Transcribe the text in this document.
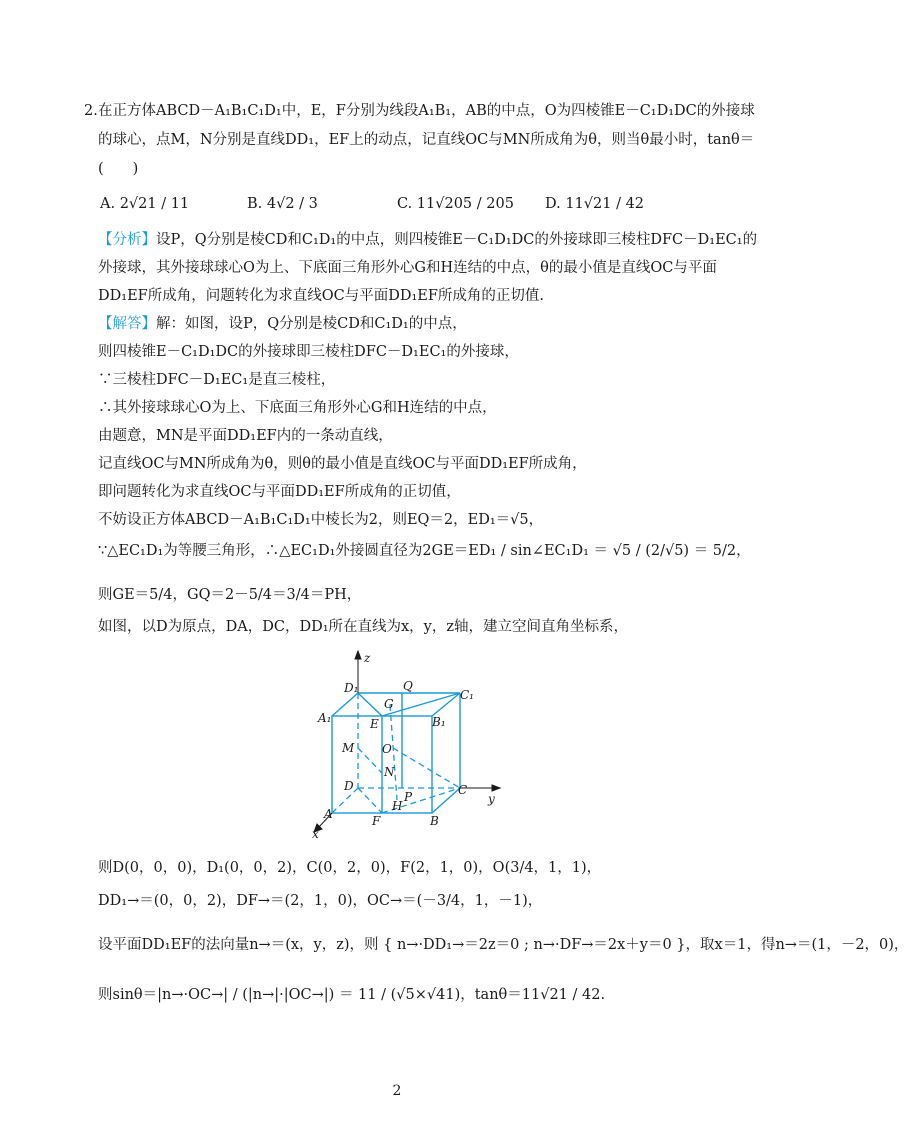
2. 在正方体ABCD－A₁B₁C₁D₁中，E，F分别为线段A₁B₁，AB的中点，O为四棱锥E－C₁D₁DC的外接球
的球心，点M，N分别是直线DD₁，EF上的动点，记直线OC与MN所成角为θ，则当θ最小时，tanθ＝
(　　)
A. 2√21 / 11	B. 4√2 / 3	C. 11√205 / 205 D. 11√21 / 42
【分析】设P，Q分别是棱CD和C₁D₁的中点，则四棱锥E－C₁D₁DC的外接球即三棱柱DFC－D₁EC₁的
外接球，其外接球球心O为上、下底面三角形外心G和H连结的中点，θ的最小值是直线OC与平面
DD₁EF所成角，问题转化为求直线OC与平面DD₁EF所成角的正切值.
【解答】解：如图，设P，Q分别是棱CD和C₁D₁的中点，
则四棱锥E－C₁D₁DC的外接球即三棱柱DFC－D₁EC₁的外接球，
∵三棱柱DFC－D₁EC₁是直三棱柱，
∴其外接球球心O为上、下底面三角形外心G和H连结的中点，
由题意，MN是平面DD₁EF内的一条动直线，
记直线OC与MN所成角为θ，则θ的最小值是直线OC与平面DD₁EF所成角，
即问题转化为求直线OC与平面DD₁EF所成角的正切值，
不妨设正方体ABCD－A₁B₁C₁D₁中棱长为2，则EQ＝2，ED₁＝√5，
∵△EC₁D₁为等腰三角形，∴△EC₁D₁外接圆直径为2GE＝ED₁ / sin∠EC₁D₁ ＝ √5 / (2/√5) ＝ 5/2，
则GE＝5/4，GQ＝2－5/4＝3/4＝PH，
如图，以D为原点，DA，DC，DD₁所在直线为x，y，z轴，建立空间直角坐标系，
z
D₁	Q
C₁
A₁
G
B₁
E
M O
N
D
P	C
y
H
A	F	B
x
则D(0，0，0)，D₁(0，0，2)，C(0，2，0)，F(2，1，0)，O(3/4，1，1)，
DD₁→＝(0，0，2)，DF→＝(2，1，0)，OC→＝(－3/4，1，－1)，
设平面DD₁EF的法向量n→＝(x，y，z)，则 { n→·DD₁→＝2z＝0 ; n→·DF→＝2x＋y＝0 }，取x＝1，得n→＝(1，－2，0)，
则sinθ＝|n→·OC→| / (|n→|·|OC→|) ＝ 11 / (√5×√41)，tanθ＝11√21 / 42.
2
